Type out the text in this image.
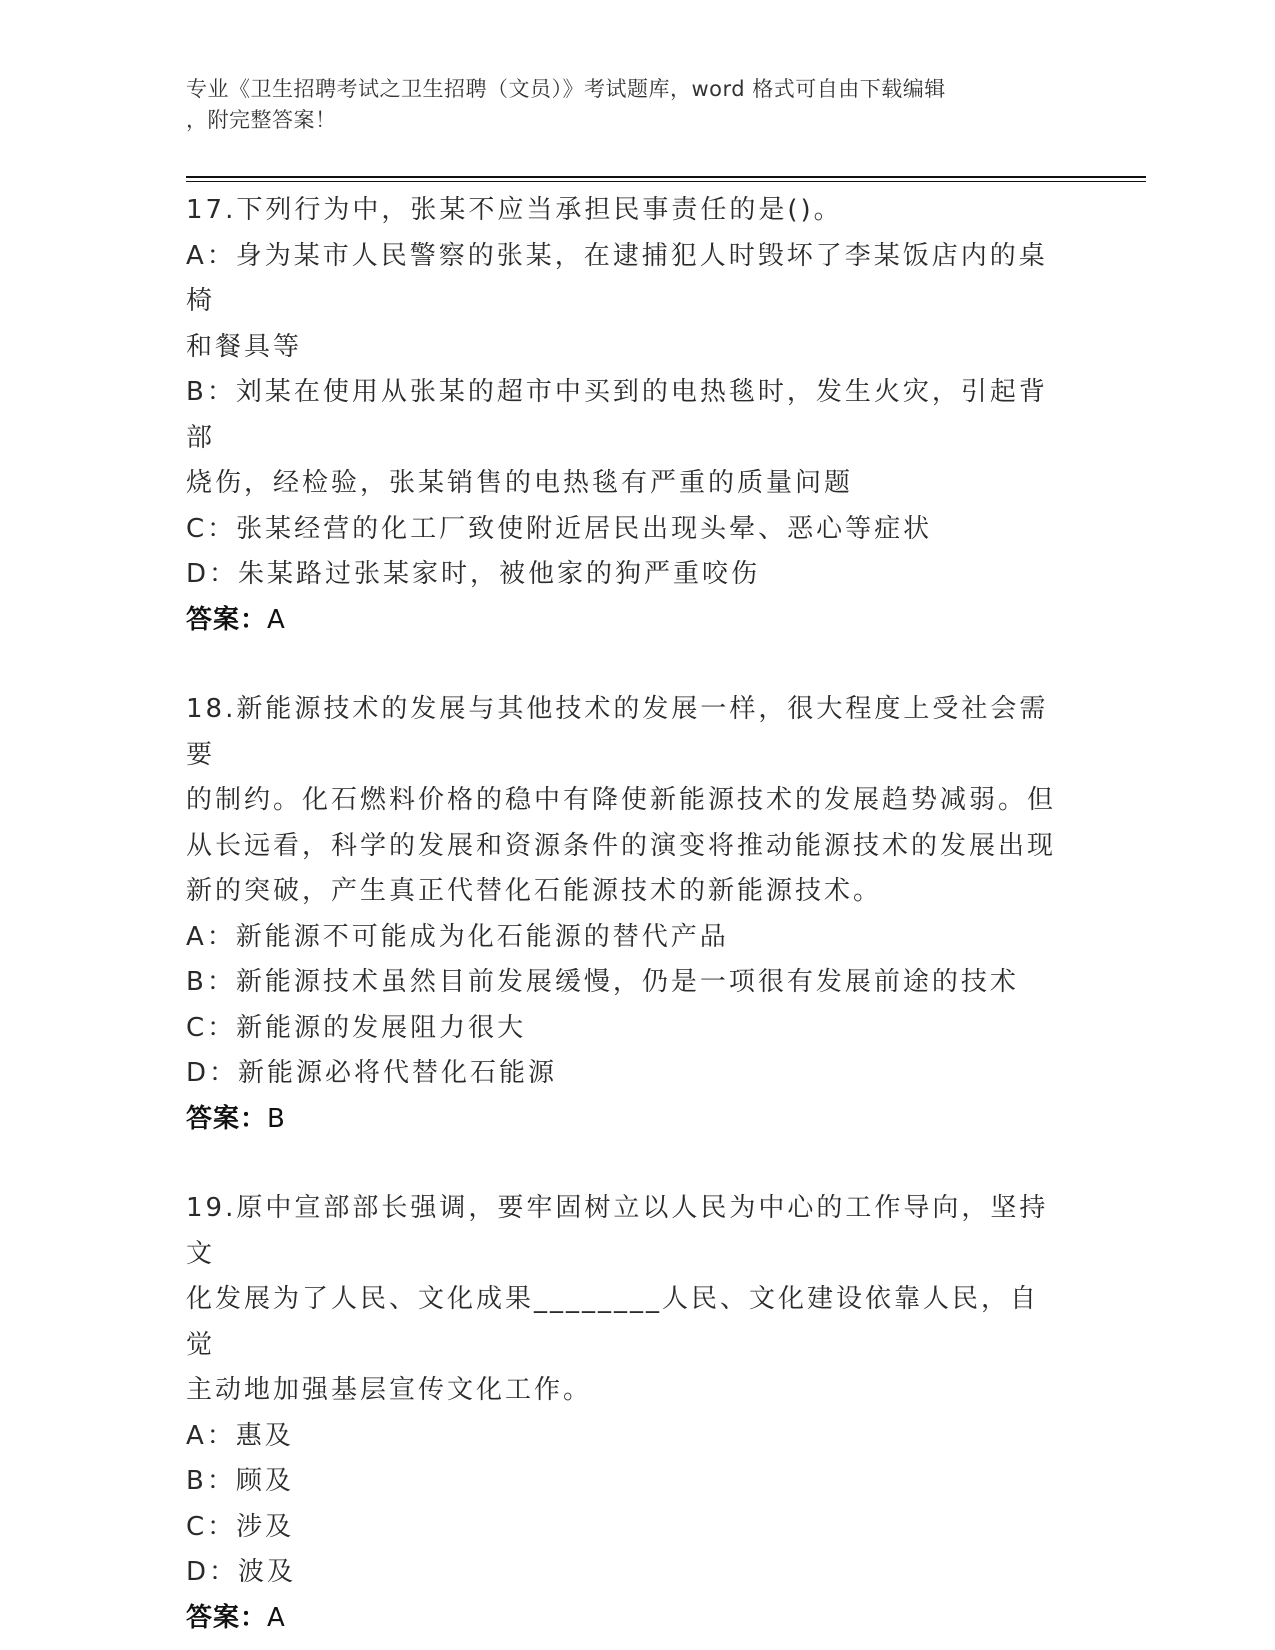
专业《卫生招聘考试之卫生招聘（文员）》考试题库，word 格式可自由下载编辑
，附完整答案！
17.下列行为中，张某不应当承担民事责任的是()。
A：身为某市人民警察的张某，在逮捕犯人时毁坏了李某饭店内的桌椅
和餐具等
B：刘某在使用从张某的超市中买到的电热毯时，发生火灾，引起背部
烧伤，经检验，张某销售的电热毯有严重的质量问题
C：张某经营的化工厂致使附近居民出现头晕、恶心等症状
D：朱某路过张某家时，被他家的狗严重咬伤
答案：A
18.新能源技术的发展与其他技术的发展一样，很大程度上受社会需要
的制约。化石燃料价格的稳中有降使新能源技术的发展趋势减弱。但
从长远看，科学的发展和资源条件的演变将推动能源技术的发展出现
新的突破，产生真正代替化石能源技术的新能源技术。
A：新能源不可能成为化石能源的替代产品
B：新能源技术虽然目前发展缓慢，仍是一项很有发展前途的技术
C：新能源的发展阻力很大
D：新能源必将代替化石能源
答案：B
19.原中宣部部长强调，要牢固树立以人民为中心的工作导向，坚持文
化发展为了人民、文化成果________人民、文化建设依靠人民，自觉
主动地加强基层宣传文化工作。
A：惠及
B：顾及
C：涉及
D：波及
答案：A
